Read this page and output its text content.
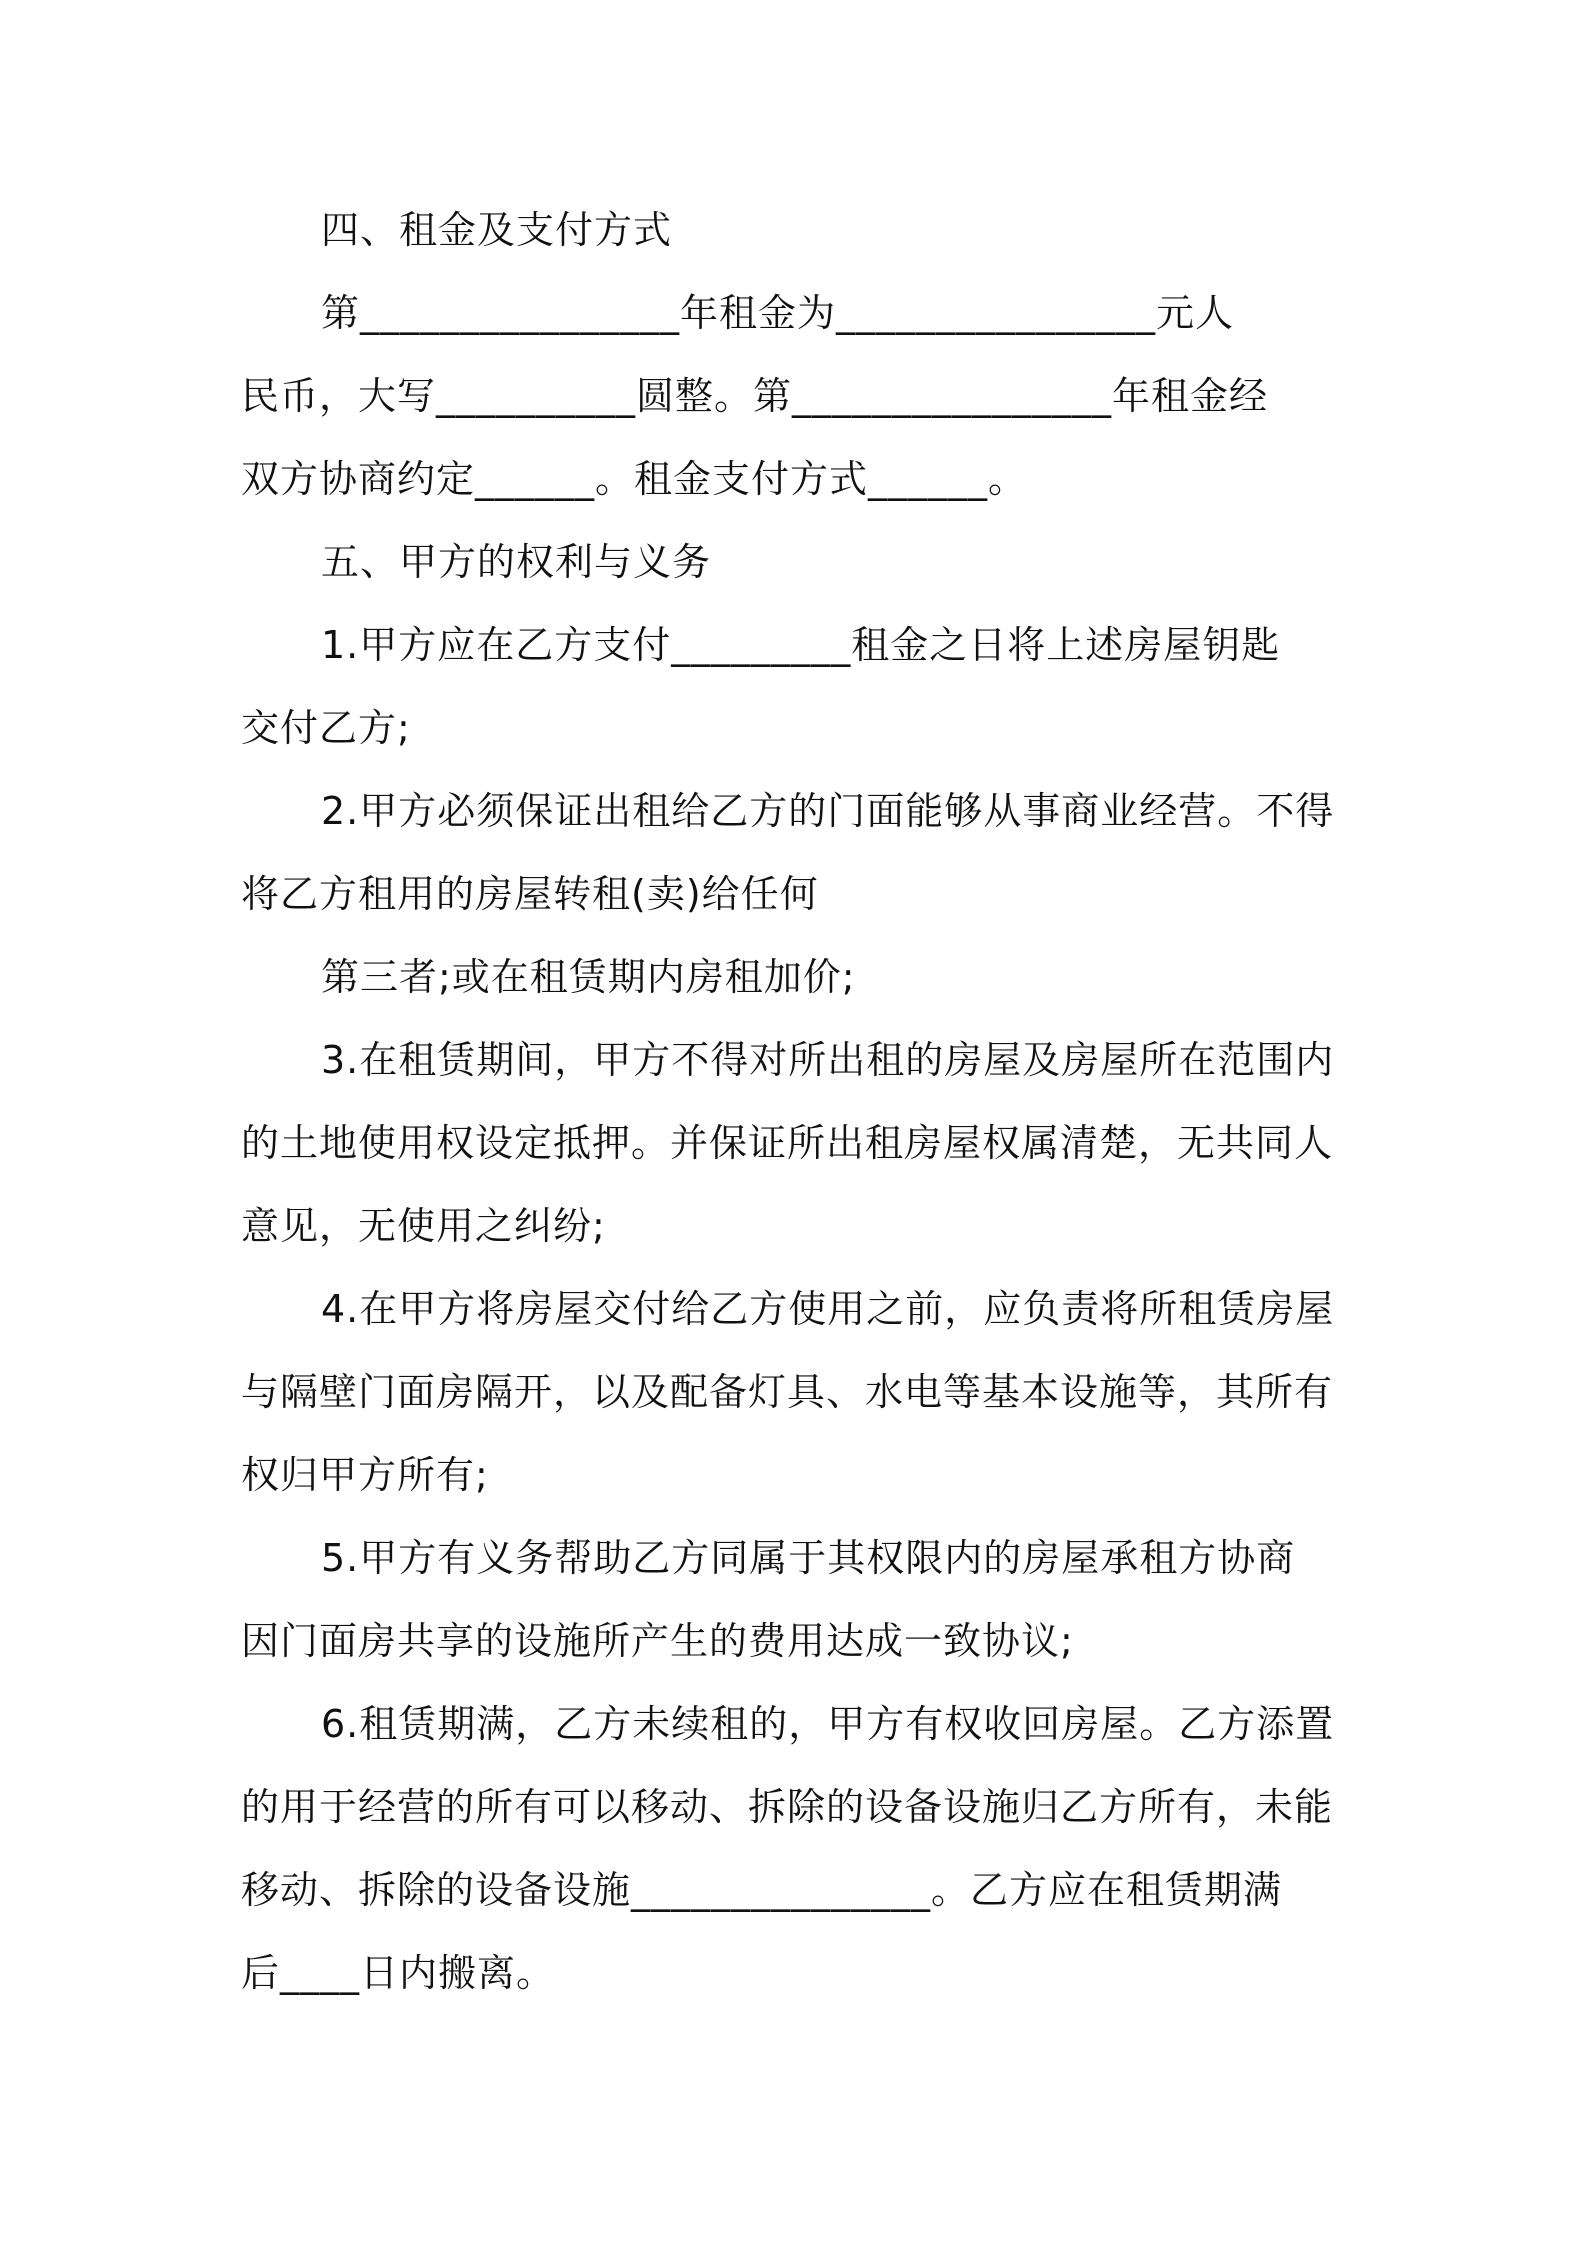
四、租金及支付方式
第________________年租金为________________元人
民币，大写__________圆整。第________________年租金经
双方协商约定______。租金支付方式______。
五、甲方的权利与义务
1.甲方应在乙方支付_________租金之日将上述房屋钥匙
交付乙方;
2.甲方必须保证出租给乙方的门面能够从事商业经营。不得
将乙方租用的房屋转租(卖)给任何
第三者;或在租赁期内房租加价;
3.在租赁期间，甲方不得对所出租的房屋及房屋所在范围内
的土地使用权设定抵押。并保证所出租房屋权属清楚，无共同人
意见，无使用之纠纷;
4.在甲方将房屋交付给乙方使用之前，应负责将所租赁房屋
与隔壁门面房隔开，以及配备灯具、水电等基本设施等，其所有
权归甲方所有;
5.甲方有义务帮助乙方同属于其权限内的房屋承租方协商
因门面房共享的设施所产生的费用达成一致协议;
6.租赁期满，乙方未续租的，甲方有权收回房屋。乙方添置
的用于经营的所有可以移动、拆除的设备设施归乙方所有，未能
移动、拆除的设备设施_______________。乙方应在租赁期满
后____日内搬离。
